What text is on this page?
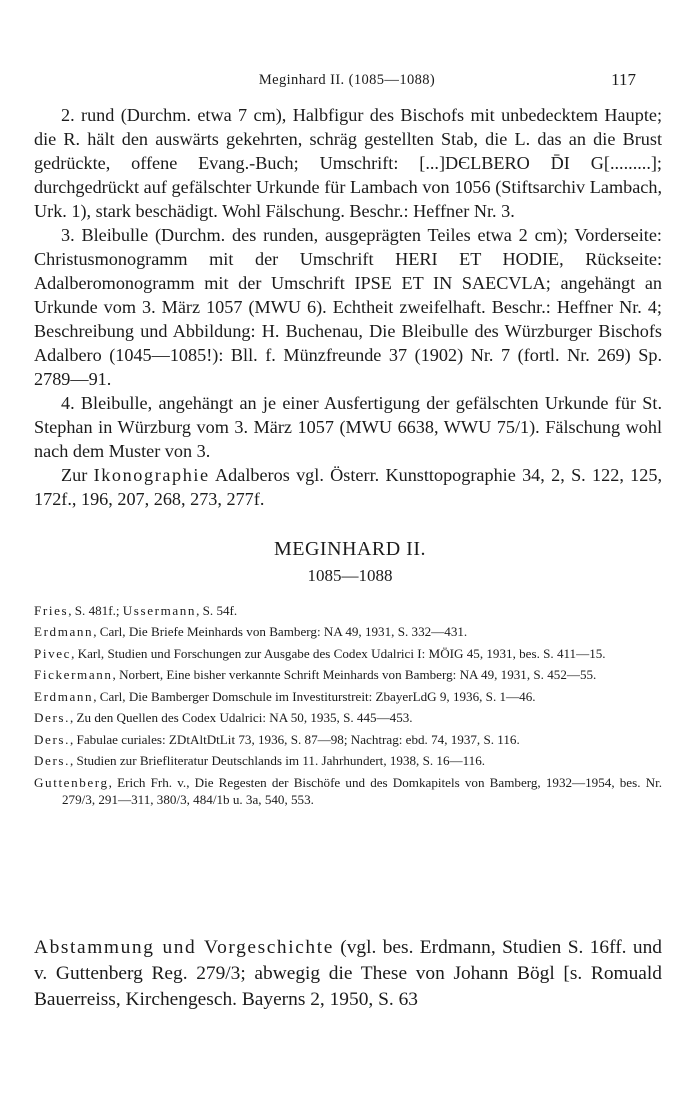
Meginhard II. (1085—1088)	117

2. rund (Durchm. etwa 7 cm), Halbfigur des Bischofs mit unbedecktem Haupte; die R. hält den auswärts gekehrten, schräg gestellten Stab, die L. das an die Brust gedrückte, offene Evang.-Buch; Umschrift: [...]DЄLBERO D̄I G[.........]; durchgedrückt auf gefälschter Urkunde für Lambach von 1056 (Stiftsarchiv Lambach, Urk. 1), stark beschädigt. Wohl Fälschung. Beschr.: Heffner Nr. 3.

3. Bleibulle (Durchm. des runden, ausgeprägten Teiles etwa 2 cm); Vorderseite: Christusmonogramm mit der Umschrift HERI ET HODIE, Rückseite: Adalberomonogramm mit der Umschrift IPSE ET IN SAECVLA; angehängt an Urkunde vom 3. März 1057 (MWU 6). Echtheit zweifelhaft. Beschr.: Heffner Nr. 4; Beschreibung und Abbildung: H. Buchenau, Die Bleibulle des Würzburger Bischofs Adalbero (1045—1085!): Bll. f. Münzfreunde 37 (1902) Nr. 7 (fortl. Nr. 269) Sp. 2789—91.

4. Bleibulle, angehängt an je einer Ausfertigung der gefälschten Urkunde für St. Stephan in Würzburg vom 3. März 1057 (MWU 6638, WWU 75/1). Fälschung wohl nach dem Muster von 3.

Zur Ikonographie Adalberos vgl. Österr. Kunsttopographie 34, 2, S. 122, 125, 172f., 196, 207, 268, 273, 277f.

MEGINHARD II.
1085—1088
Fries, S. 481f.; Ussermann, S. 54f.
Erdmann, Carl, Die Briefe Meinhards von Bamberg: NA 49, 1931, S. 332—431.
Pivec, Karl, Studien und Forschungen zur Ausgabe des Codex Udalrici I: MÖIG 45, 1931, bes. S. 411—15.
Fickermann, Norbert, Eine bisher verkannte Schrift Meinhards von Bamberg: NA 49, 1931, S. 452—55.
Erdmann, Carl, Die Bamberger Domschule im Investiturstreit: ZbayerLdG 9, 1936, S. 1—46.
Ders., Zu den Quellen des Codex Udalrici: NA 50, 1935, S. 445—453.
Ders., Fabulae curiales: ZDtAltDtLit 73, 1936, S. 87—98; Nachtrag: ebd. 74, 1937, S. 116.
Ders., Studien zur Briefliteratur Deutschlands im 11. Jahrhundert, 1938, S. 16—116.
Guttenberg, Erich Frh. v., Die Regesten der Bischöfe und des Domkapitels von Bamberg, 1932—1954, bes. Nr. 279/3, 291—311, 380/3, 484/1b u. 3a, 540, 553.

Abstammung und Vorgeschichte (vgl. bes. Erdmann, Studien S. 16ff. und v. Guttenberg Reg. 279/3; abwegig die These von Johann Bögl [s. Romuald Bauerreiss, Kirchengesch. Bayerns 2, 1950, S. 63
